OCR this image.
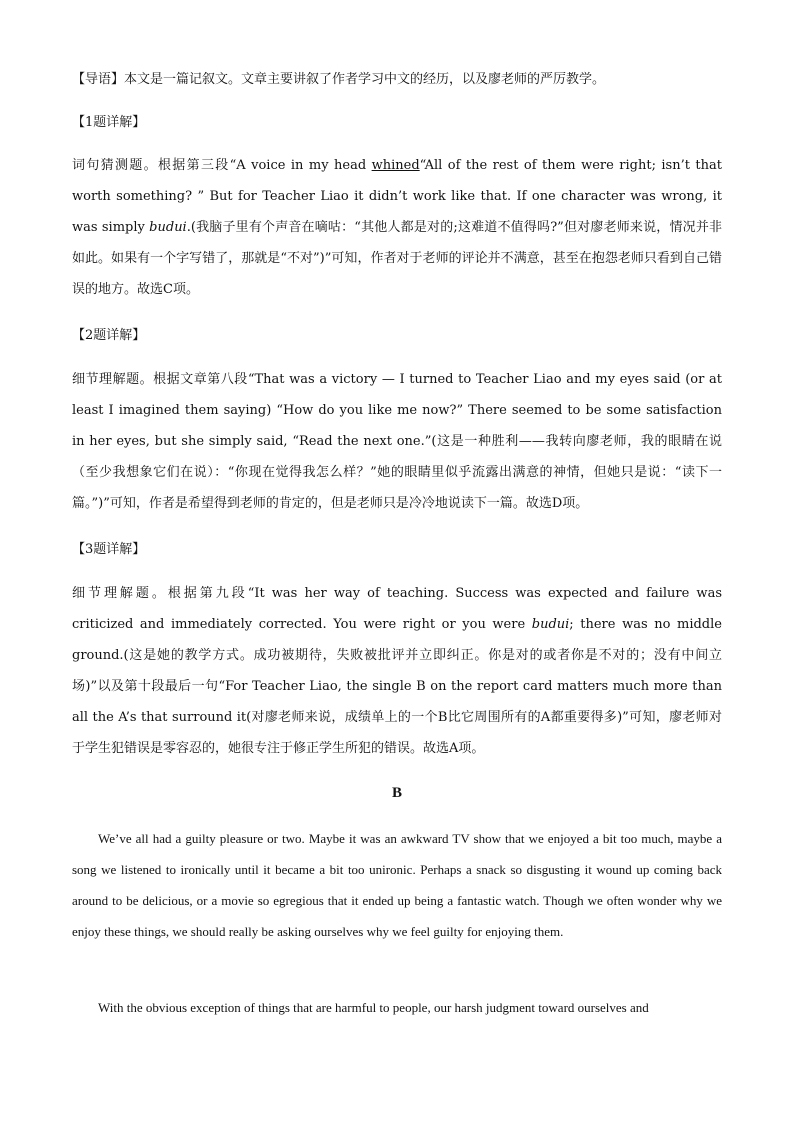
【导语】本文是一篇记叙文。文章主要讲叙了作者学习中文的经历，以及廖老师的严厉教学。

【1题详解】

词句猜测题。根据第三段“A voice in my head whined“All of the rest of them were right; isn’t that worth something? ” But for Teacher Liao it didn’t work like that. If one character was wrong, it was simply budui.(我脑子里有个声音在嘀咕：“其他人都是对的;这难道不值得吗?”但对廖老师来说，情况并非如此。如果有一个字写错了，那就是“不对”)”可知，作者对于老师的评论并不满意，甚至在抱怨老师只看到自己错误的地方。故选C项。

【2题详解】

细节理解题。根据文章第八段“That was a victory — I turned to Teacher Liao and my eyes said (or at least I imagined them saying) “How do you like me now?” There seemed to be some satisfaction in her eyes, but she simply said, “Read the next one.”(这是一种胜利——我转向廖老师，我的眼睛在说（至少我想象它们在说）：“你现在觉得我怎么样？”她的眼睛里似乎流露出满意的神情，但她只是说：“读下一篇。”)”可知，作者是希望得到老师的肯定的，但是老师只是冷冷地说读下一篇。故选D项。

【3题详解】

细节理解题。根据第九段“It was her way of teaching. Success was expected and failure was criticized and immediately corrected. You were right or you were budui; there was no middle ground.(这是她的教学方式。成功被期待，失败被批评并立即纠正。你是对的或者你是不对的；没有中间立场)”以及第十段最后一句“For Teacher Liao, the single B on the report card matters much more than all the A’s that surround it(对廖老师来说，成绩单上的一个B比它周围所有的A都重要得多)”可知，廖老师对于学生犯错误是零容忍的，她很专注于修正学生所犯的错误。故选A项。

B

We’ve all had a guilty pleasure or two. Maybe it was an awkward TV show that we enjoyed a bit too much, maybe a song we listened to ironically until it became a bit too unironic. Perhaps a snack so disgusting it wound up coming back around to be delicious, or a movie so egregious that it ended up being a fantastic watch. Though we often wonder why we enjoy these things, we should really be asking ourselves why we feel guilty for enjoying them.

With the obvious exception of things that are harmful to people, our harsh judgment toward ourselves and
